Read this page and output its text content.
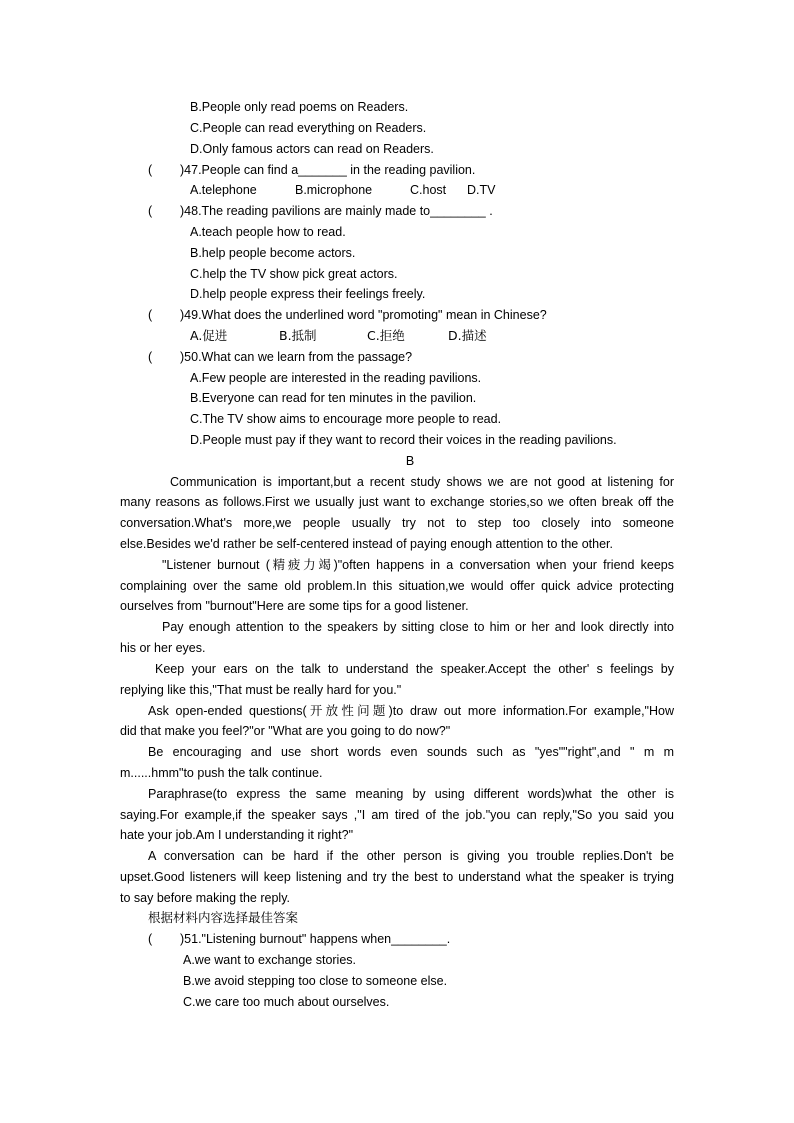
B.People only read poems on Readers.

C.People can read everything on Readers.

D.Only famous actors can read on Readers.

( )47.People can find a_______ in the reading pavilion.

A.telephone	B.microphone	C.host D.TV

( )48.The reading pavilions are mainly made to________ .

A.teach people how to read.

B.help people become actors.

C.help the TV show pick great actors.

D.help people express their feelings freely.

( )49.What does the underlined word "promoting" mean in Chinese?

A.促进	B.抵制	C.拒绝	D.描述

( )50.What can we learn from the passage?

A.Few people are interested in the reading pavilions.

B.Everyone can read for ten minutes in the pavilion.

C.The TV show aims to encourage more people to read.

D.People must pay if they want to record their voices in the reading pavilions.

B

Communication is important,but a recent study shows we are not good at listening for

many reasons as follows.First we usually just want to exchange stories,so we often break off the

conversation.What's more,we people usually try not to step too closely into someone

else.Besides we'd rather be self-centered instead of paying enough attention to the other.

"Listener burnout (精疲力竭)"often happens in a conversation when your friend keeps

complaining over the same old problem.In this situation,we would offer quick advice protecting

ourselves from "burnout"Here are some tips for a good listener.

Pay enough attention to the speakers by sitting close to him or her and look directly into

his or her eyes.

Keep your ears on the talk to understand the speaker.Accept the other' s feelings by

replying like this,"That must be really hard for you."

Ask open-ended questions(开放性问题)to draw out more information.For example,"How

did that make you feel?"or "What are you going to do now?"

Be encouraging and use short words even sounds such as "yes""right",and " m m

m......hmm"to push the talk continue.

Paraphrase(to express the same meaning by using different words)what the other is

saying.For example,if the speaker says ,"I am tired of the job."you can reply,"So you said you

hate your job.Am I understanding it right?"

A conversation can be hard if the other person is giving you trouble replies.Don't be

upset.Good listeners will keep listening and try the best to understand what the speaker is trying

to say before making the reply.

根据材料内容选择最佳答案

( )51."Listening burnout" happens when________.

A.we want to exchange stories.

B.we avoid stepping too close to someone else.

C.we care too much about ourselves.
